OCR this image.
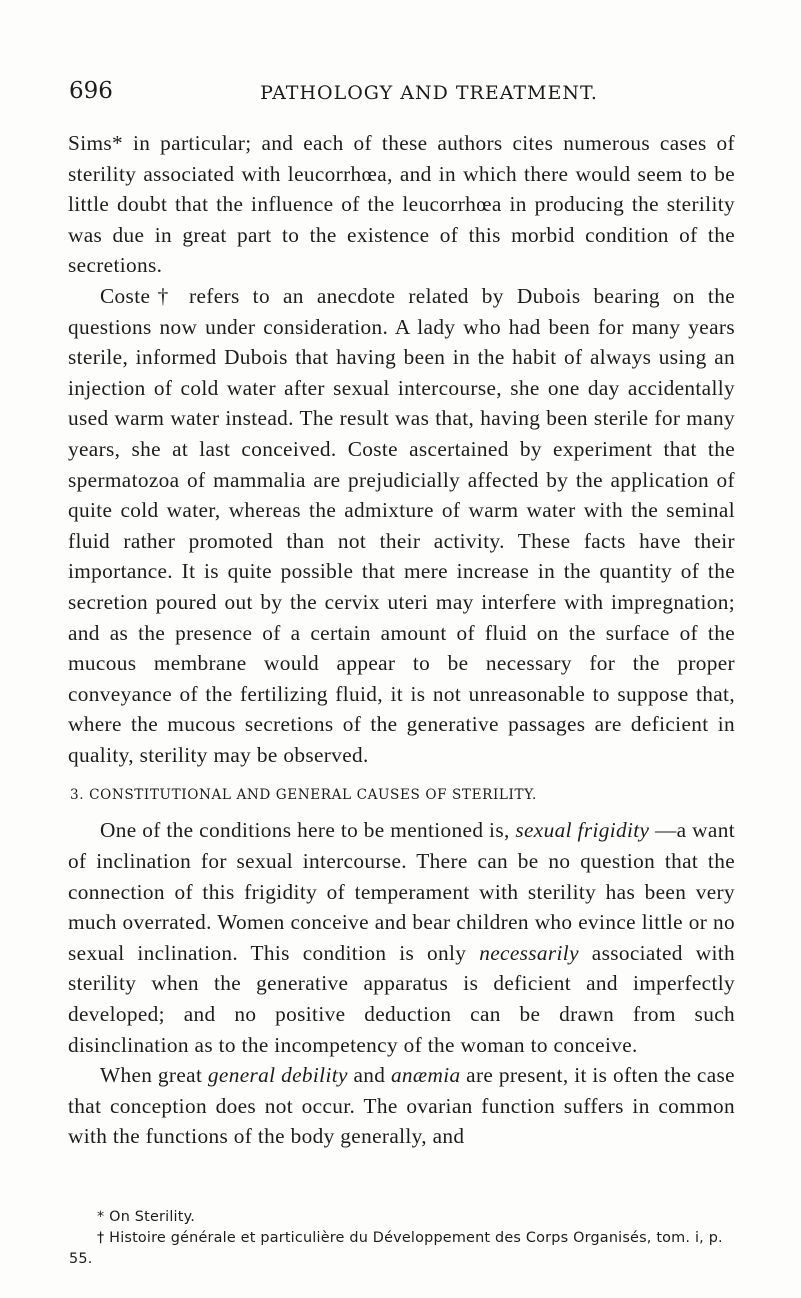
696	PATHOLOGY AND TREATMENT.

Sims* in particular; and each of these authors cites numerous cases of sterility associated with leucorrhœa, and in which there would seem to be little doubt that the influence of the leucorrhœa in producing the sterility was due in great part to the existence of this morbid condition of the secretions.

Coste† refers to an anecdote related by Dubois bearing on the questions now under consideration. A lady who had been for many years sterile, informed Dubois that having been in the habit of always using an injection of cold water after sexual intercourse, she one day accidentally used warm water instead. The result was that, having been sterile for many years, she at last conceived. Coste ascertained by experiment that the spermatozoa of mammalia are prejudicially affected by the application of quite cold water, whereas the admixture of warm water with the seminal fluid rather promoted than not their activity. These facts have their importance. It is quite possible that mere increase in the quantity of the secretion poured out by the cervix uteri may interfere with impregnation; and as the presence of a certain amount of fluid on the surface of the mucous membrane would appear to be necessary for the proper conveyance of the fertilizing fluid, it is not unreasonable to suppose that, where the mucous secretions of the generative passages are deficient in quality, sterility may be observed.

3. CONSTITUTIONAL AND GENERAL CAUSES OF STERILITY.

One of the conditions here to be mentioned is, sexual frigidity —a want of inclination for sexual intercourse. There can be no question that the connection of this frigidity of temperament with sterility has been very much overrated. Women conceive and bear children who evince little or no sexual inclination. This condition is only necessarily associated with sterility when the generative apparatus is deficient and imperfectly developed; and no positive deduction can be drawn from such disinclination as to the incompetency of the woman to conceive.

When great general debility and anæmia are present, it is often the case that conception does not occur. The ovarian function suffers in common with the functions of the body generally, and

* On Sterility.

† Histoire générale et particulière du Développement des Corps Organisés, tom. i, p. 55.
